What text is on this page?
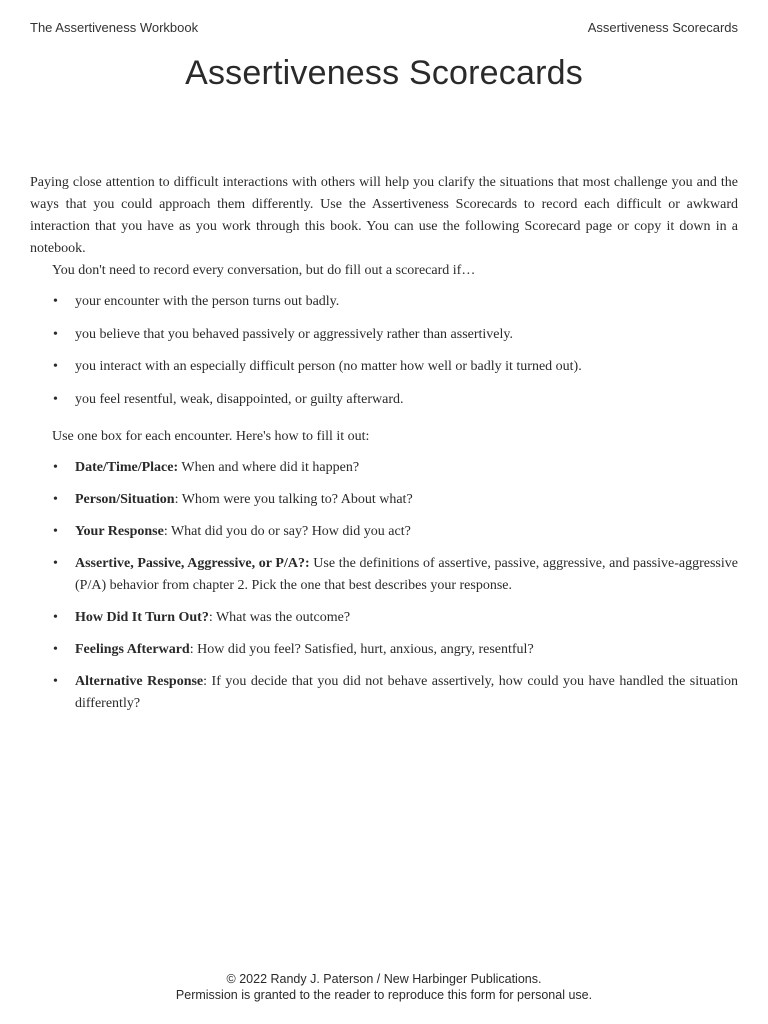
The Assertiveness Workbook	Assertiveness Scorecards
Assertiveness Scorecards

Paying close attention to difficult interactions with others will help you clarify the situations that most challenge you and the ways that you could approach them differently. Use the Assertiveness Scorecards to record each difficult or awkward interaction that you have as you work through this book. You can use the following Scorecard page or copy it down in a notebook.

You don't need to record every conversation, but do fill out a scorecard if…

• your encounter with the person turns out badly.
• you believe that you behaved passively or aggressively rather than assertively.
• you interact with an especially difficult person (no matter how well or badly it turned out).
• you feel resentful, weak, disappointed, or guilty afterward.

Use one box for each encounter. Here's how to fill it out:

• Date/Time/Place: When and where did it happen?
• Person/Situation: Whom were you talking to? About what?
• Your Response: What did you do or say? How did you act?
• Assertive, Passive, Aggressive, or P/A?: Use the definitions of assertive, passive, aggressive, and passive-aggressive (P/A) behavior from chapter 2. Pick the one that best describes your response.
• How Did It Turn Out?: What was the outcome?
• Feelings Afterward: How did you feel? Satisfied, hurt, anxious, angry, resentful?
• Alternative Response: If you decide that you did not behave assertively, how could you have handled the situation differently?
© 2022 Randy J. Paterson / New Harbinger Publications.
Permission is granted to the reader to reproduce this form for personal use.
